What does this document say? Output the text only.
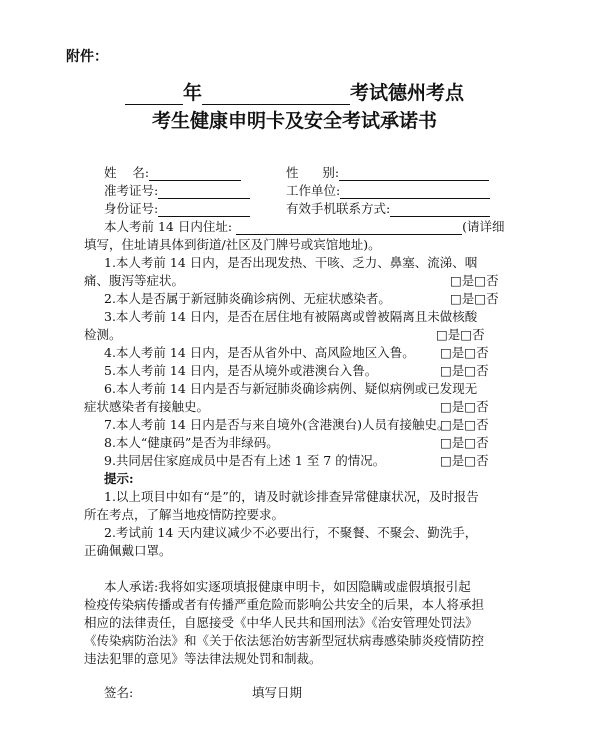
附件：
年	考试德州考点
考生健康申明卡及安全考试承诺书
姓    名:	性      别:
准考证号:	工作单位:
身份证号:	有效手机联系方式:
本人考前 14 日内住址:	(请详细
填写，住址请具体到街道/社区及门牌号或宾馆地址)。
1.本人考前 14 日内，是否出现发热、干咳、乏力、鼻塞、流涕、咽
痛、腹泻等症状。	□是□否
2.本人是否属于新冠肺炎确诊病例、无症状感染者。	□是□否
3.本人考前 14 日内，是否在居住地有被隔离或曾被隔离且未做核酸
检测。	□是□否
4.本人考前 14 日内，是否从省外中、高风险地区入鲁。 □是□否
5.本人考前 14 日内，是否从境外或港澳台入鲁。	□是□否
6.本人考前 14 日内是否与新冠肺炎确诊病例、疑似病例或已发现无
症状感染者有接触史。	□是□否
7.本人考前 14 日内是否与来自境外(含港澳台)人员有接触史。
□是□否
8.本人“健康码”是否为非绿码。	□是□否
9.共同居住家庭成员中是否有上述 1 至 7 的情况。	□是□否
提示:
1.以上项目中如有“是”的，请及时就诊排查异常健康状况，及时报告
所在考点，了解当地疫情防控要求。
2.考试前 14 天内建议减少不必要出行，不聚餐、不聚会、勤洗手，
正确佩戴口罩。
本人承诺:我将如实逐项填报健康申明卡，如因隐瞒或虚假填报引起
检疫传染病传播或者有传播严重危险而影响公共安全的后果，本人将承担
相应的法律责任，自愿接受《中华人民共和国刑法》《治安管理处罚法》
《传染病防治法》和《关于依法惩治妨害新型冠状病毒感染肺炎疫情防控
违法犯罪的意见》等法律法规处罚和制裁。
签名:	填写日期
